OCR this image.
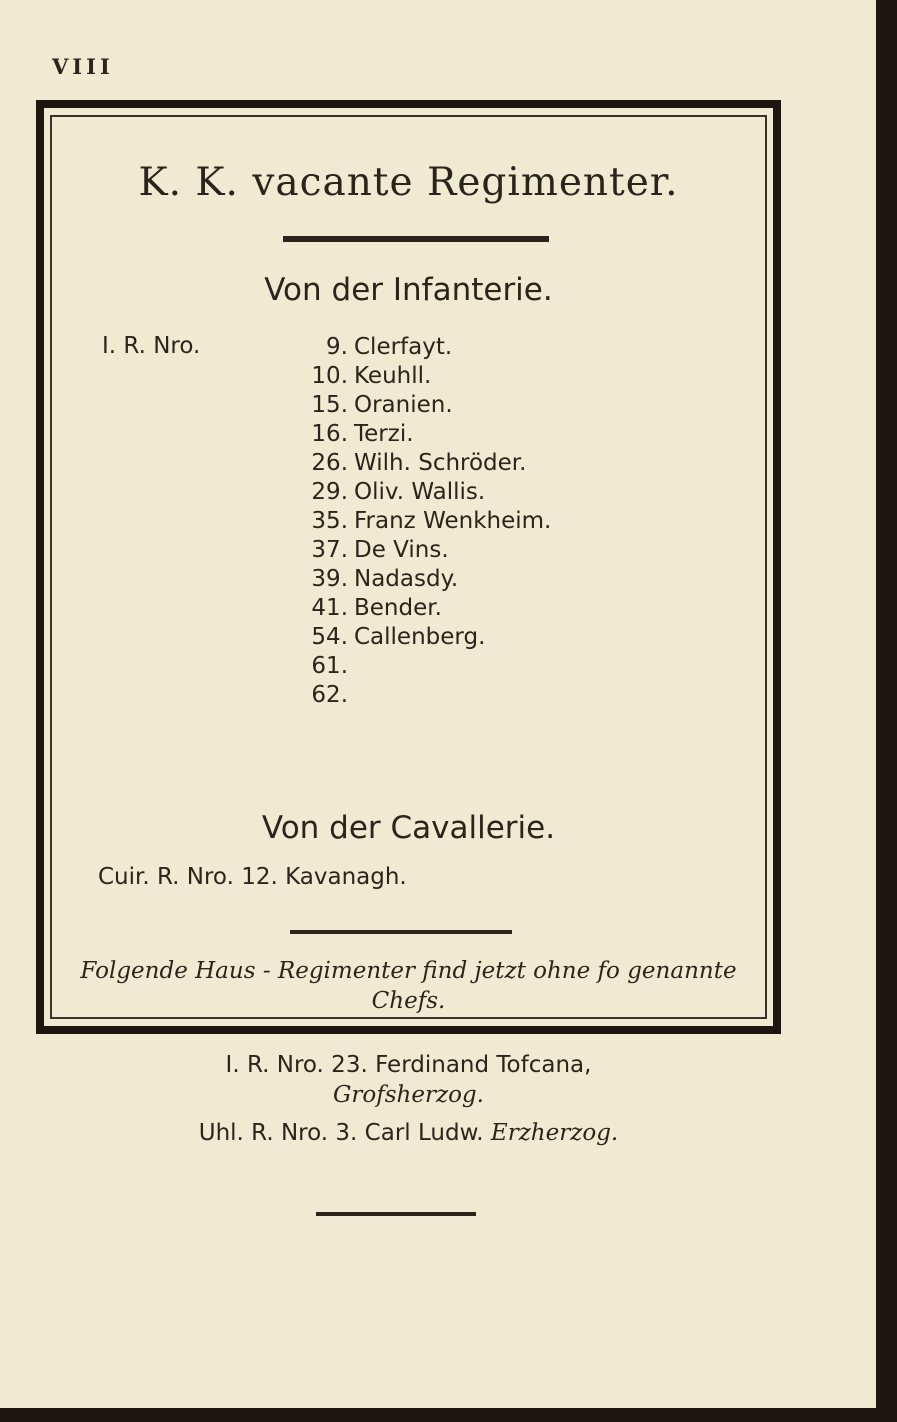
VIII
K. K. vacante Regimenter.
Von der Infanterie.
I. R. Nro.	9. Clerfayt.
10. Keuhll.
15. Oranien.
16. Terzi.
26. Wilh. Schröder.
29. Oliv. Wallis.
35. Franz Wenkheim.
37. De Vins.
39. Nadasdy.
41. Bender.
54. Callenberg.
61.
62.
Von der Cavallerie.
Cuir. R. Nro. 12. Kavanagh.
Folgende Haus - Regimenter find jetzt ohne fo genannte Chefs.
I. R. Nro. 23. Ferdinand Tofcana,
Grofsherzog.
Uhl. R. Nro. 3. Carl Ludw. Erzherzog.
